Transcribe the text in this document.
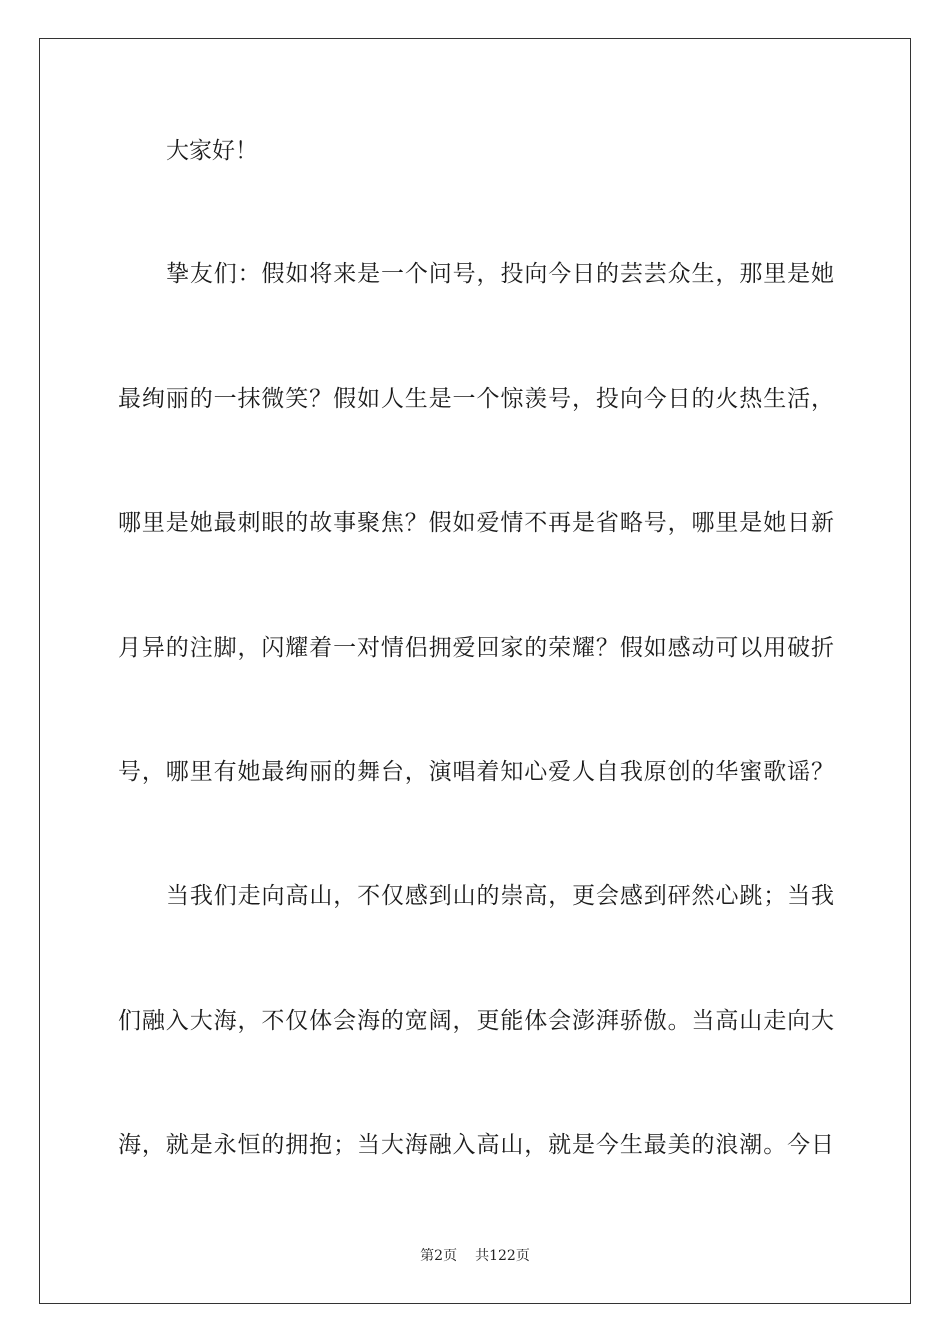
大家好！
挚友们：假如将来是一个问号，投向今日的芸芸众生，那里是她
最绚丽的一抹微笑？假如人生是一个惊羡号，投向今日的火热生活，
哪里是她最刺眼的故事聚焦？假如爱情不再是省略号，哪里是她日新
月异的注脚，闪耀着一对情侣拥爱回家的荣耀？假如感动可以用破折
号，哪里有她最绚丽的舞台，演唱着知心爱人自我原创的华蜜歌谣？
当我们走向高山，不仅感到山的崇高，更会感到砰然心跳；当我
们融入大海，不仅体会海的宽阔，更能体会澎湃骄傲。当高山走向大
海，就是永恒的拥抱；当大海融入高山，就是今生最美的浪潮。今日
第2页 共122页
